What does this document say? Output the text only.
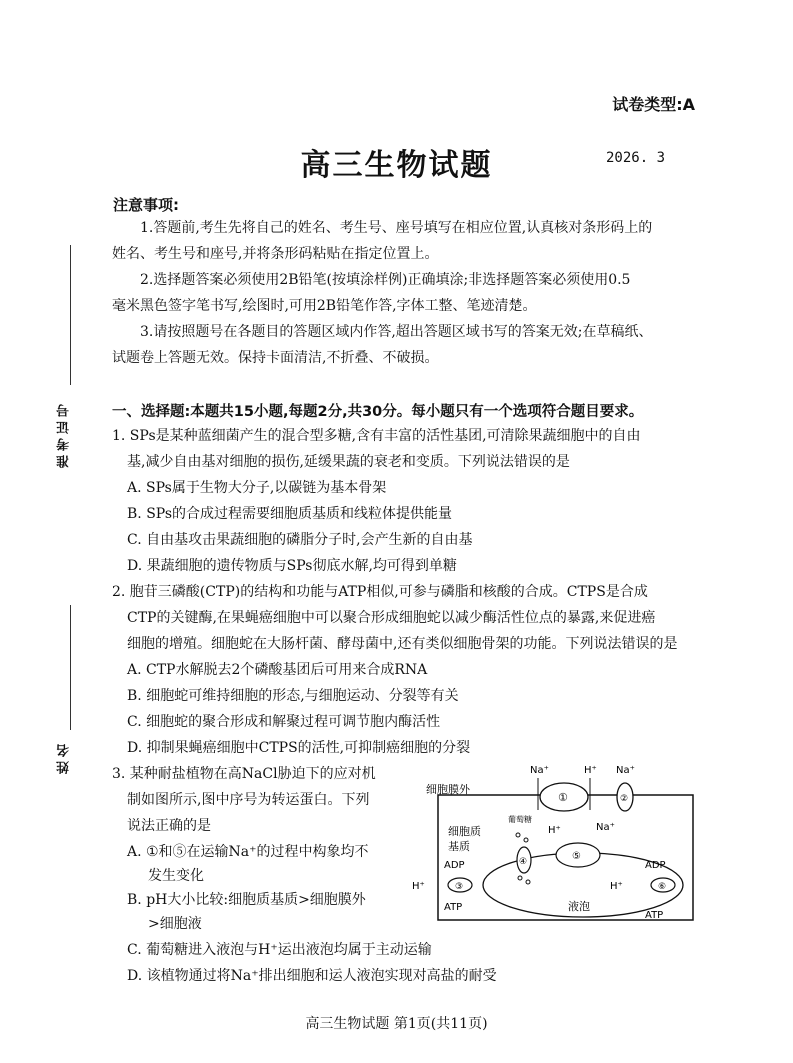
试卷类型:A
高三生物试题	2026. 3
准考证号
姓名
注意事项:
1.答题前,考生先将自己的姓名、考生号、座号填写在相应位置,认真核对条形码上的
姓名、考生号和座号,并将条形码粘贴在指定位置上。
2.选择题答案必须使用2B铅笔(按填涂样例)正确填涂;非选择题答案必须使用0.5
毫米黑色签字笔书写,绘图时,可用2B铅笔作答,字体工整、笔迹清楚。
3.请按照题号在各题目的答题区域内作答,超出答题区域书写的答案无效;在草稿纸、
试题卷上答题无效。保持卡面清洁,不折叠、不破损。
一、选择题:本题共15小题,每题2分,共30分。每小题只有一个选项符合题目要求。
1. SPs是某种蓝细菌产生的混合型多糖,含有丰富的活性基团,可清除果蔬细胞中的自由
基,减少自由基对细胞的损伤,延缓果蔬的衰老和变质。下列说法错误的是
A. SPs属于生物大分子,以碳链为基本骨架
B. SPs的合成过程需要细胞质基质和线粒体提供能量
C. 自由基攻击果蔬细胞的磷脂分子时,会产生新的自由基
D. 果蔬细胞的遗传物质与SPs彻底水解,均可得到单糖
2. 胞苷三磷酸(CTP)的结构和功能与ATP相似,可参与磷脂和核酸的合成。CTPS是合成
CTP的关键酶,在果蝇癌细胞中可以聚合形成细胞蛇以减少酶活性位点的暴露,来促进癌
细胞的增殖。细胞蛇在大肠杆菌、酵母菌中,还有类似细胞骨架的功能。下列说法错误的是
A. CTP水解脱去2个磷酸基团后可用来合成RNA
B. 细胞蛇可维持细胞的形态,与细胞运动、分裂等有关
C. 细胞蛇的聚合形成和解聚过程可调节胞内酶活性
D. 抑制果蝇癌细胞中CTPS的活性,可抑制癌细胞的分裂
3. 某种耐盐植物在高NaCl胁迫下的应对机
制如图所示,图中序号为转运蛋白。下列
说法正确的是
A. ①和⑤在运输Na⁺的过程中构象均不
发生变化
B. pH大小比较:细胞质基质>细胞膜外
>细胞液
C. 葡萄糖进入液泡与H⁺运出液泡均属于主动运输
D. 该植物通过将Na⁺排出细胞和运人液泡实现对高盐的耐受
细胞膜外
细胞质
基质
液泡
①
Na⁺	H⁺
②
Na⁺
葡萄糖
④	⑤
H⁺	Na⁺
③
ADP
ATP
H⁺	⑥
ADP
ATP
H⁺
高三生物试题 第1页(共11页)
